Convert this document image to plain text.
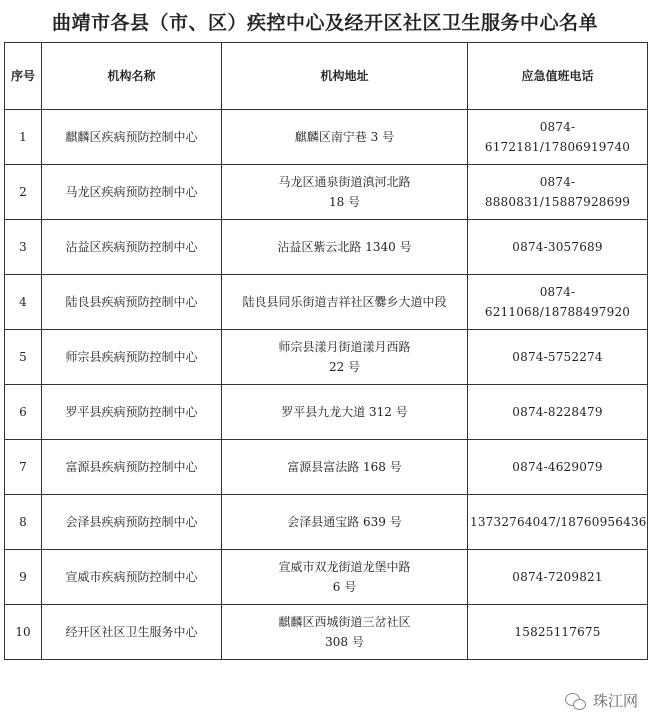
曲靖市各县（市、区）疾控中心及经开区社区卫生服务中心名单
序号	机构名称	机构地址	应急值班电话
1	麒麟区疾病预防控制中心	麒麟区南宁巷 3 号	0874-6172181/17806919740
2	马龙区疾病预防控制中心	马龙区通泉街道滇河北路
18 号	0874-8880831/15887928699
3	沾益区疾病预防控制中心	沾益区紫云北路 1340 号	0874-3057689
4	陆良县疾病预防控制中心	陆良县同乐街道吉祥社区爨乡大道中段	0874-6211068/18788497920
5	师宗县疾病预防控制中心	师宗县漾月街道漾月西路
22 号	0874-5752274
6	罗平县疾病预防控制中心	罗平县九龙大道 312 号	0874-8228479
7	富源县疾病预防控制中心	富源县富法路 168 号	0874-4629079
8	会泽县疾病预防控制中心	会泽县通宝路 639 号	13732764047/18760956436
9	宣威市疾病预防控制中心	宣威市双龙街道龙堡中路
6 号	0874-7209821
10	经开区社区卫生服务中心	麒麟区西城街道三岔社区
308 号	15825117675
珠江网
